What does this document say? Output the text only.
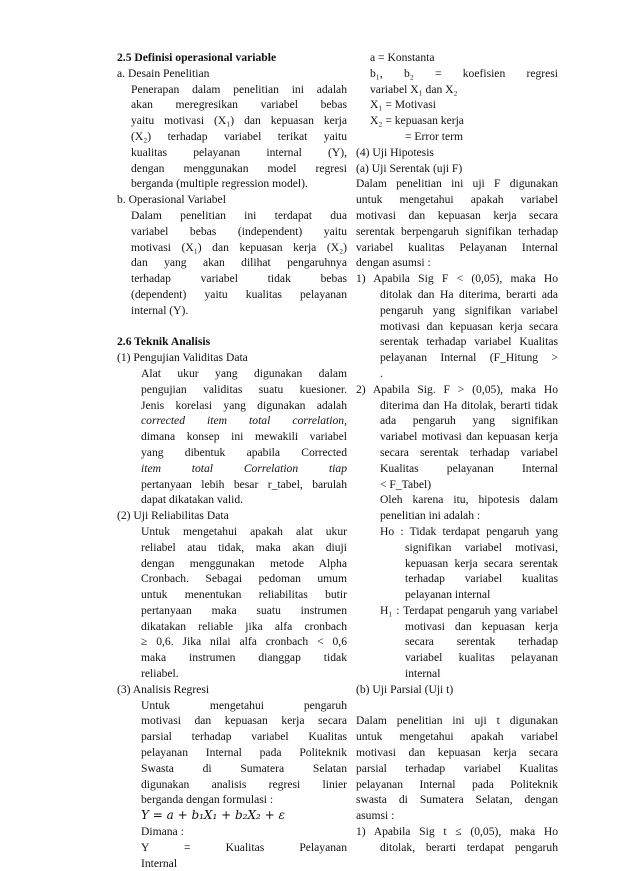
2.5 Definisi operasional variable
a. Desain Penelitian
Penerapan dalam penelitian ini adalah
akan meregresikan variabel bebas
yaitu motivasi (X₁) dan kepuasan kerja
(X₂) terhadap variabel terikat yaitu
kualitas pelayanan internal (Y),
dengan menggunakan model regresi
berganda (multiple regression model).
b. Operasional Variabel
Dalam penelitian ini terdapat dua
variabel bebas (independent) yaitu
motivasi (X₁) dan kepuasan kerja (X₂)
dan yang akan dilihat pengaruhnya
terhadap variabel tidak bebas
(dependent) yaitu kualitas pelayanan
internal (Y).
2.6 Teknik Analisis
(1) Pengujian Validitas Data
Alat ukur yang digunakan dalam
pengujian validitas suatu kuesioner.
Jenis korelasi yang digunakan adalah
corrected item total correlation,
dimana konsep ini mewakili variabel
yang dibentuk apabila Corrected
item total Correlation tiap
pertanyaan lebih besar r_tabel, barulah
dapat dikatakan valid.
(2) Uji Reliabilitas Data
Untuk mengetahui apakah alat ukur
reliabel atau tidak, maka akan diuji
dengan menggunakan metode Alpha
Cronbach. Sebagai pedoman umum
untuk menentukan reliabilitas butir
pertanyaan maka suatu instrumen
dikatakan reliable jika alfa cronbach
≥ 0,6. Jika nilai alfa cronbach < 0,6
maka instrumen dianggap tidak
reliabel.
(3) Analisis Regresi
Untuk mengetahui pengaruh
motivasi dan kepuasan kerja secara
parsial terhadap variabel Kualitas
pelayanan Internal pada Politeknik
Swasta di Sumatera Selatan
digunakan analisis regresi linier
berganda dengan formulasi :
Y = a + b₁X₁ + b₂X₂ + ε
Dimana :
Y = Kualitas Pelayanan
Internal
a = Konstanta
b₁, b₂ = koefisien regresi
variabel X₁ dan X₂
X₁ = Motivasi
X₂ = kepuasan kerja
= Error term
(4) Uji Hipotesis
(a) Uji Serentak (uji F)
Dalam penelitian ini uji F digunakan
untuk mengetahui apakah variabel
motivasi dan kepuasan kerja secara
serentak berpengaruh signifikan terhadap
variabel kualitas Pelayanan Internal
dengan asumsi :
1) Apabila Sig F < (0,05), maka Ho
ditolak dan Ha diterima, berarti ada
pengaruh yang signifikan variabel
motivasi dan kepuasan kerja secara
serentak terhadap variabel Kualitas
pelayanan Internal (F_Hitung >
.
2) Apabila Sig. F > (0,05), maka Ho
diterima dan Ha ditolak, berarti tidak
ada pengaruh yang signifikan
variabel motivasi dan kepuasan kerja
secara serentak terhadap variabel
Kualitas pelayanan Internal
< F_Tabel)
Oleh karena itu, hipotesis dalam
penelitian ini adalah :
Ho : Tidak terdapat pengaruh yang
signifikan variabel motivasi,
kepuasan kerja secara serentak
terhadap variabel kualitas
pelayanan internal
H₁ : Terdapat pengaruh yang variabel
motivasi dan kepuasan kerja
secara serentak terhadap
variabel kualitas pelayanan
internal
(b) Uji Parsial (Uji t)
Dalam penelitian ini uji t digunakan
untuk mengetahui apakah variabel
motivasi dan kepuasan kerja secara
parsial terhadap variabel Kualitas
pelayanan Internal pada Politeknik
swasta di Sumatera Selatan, dengan
asumsi :
1) Apabila Sig t ≤ (0,05), maka Ho
ditolak, berarti terdapat pengaruh
